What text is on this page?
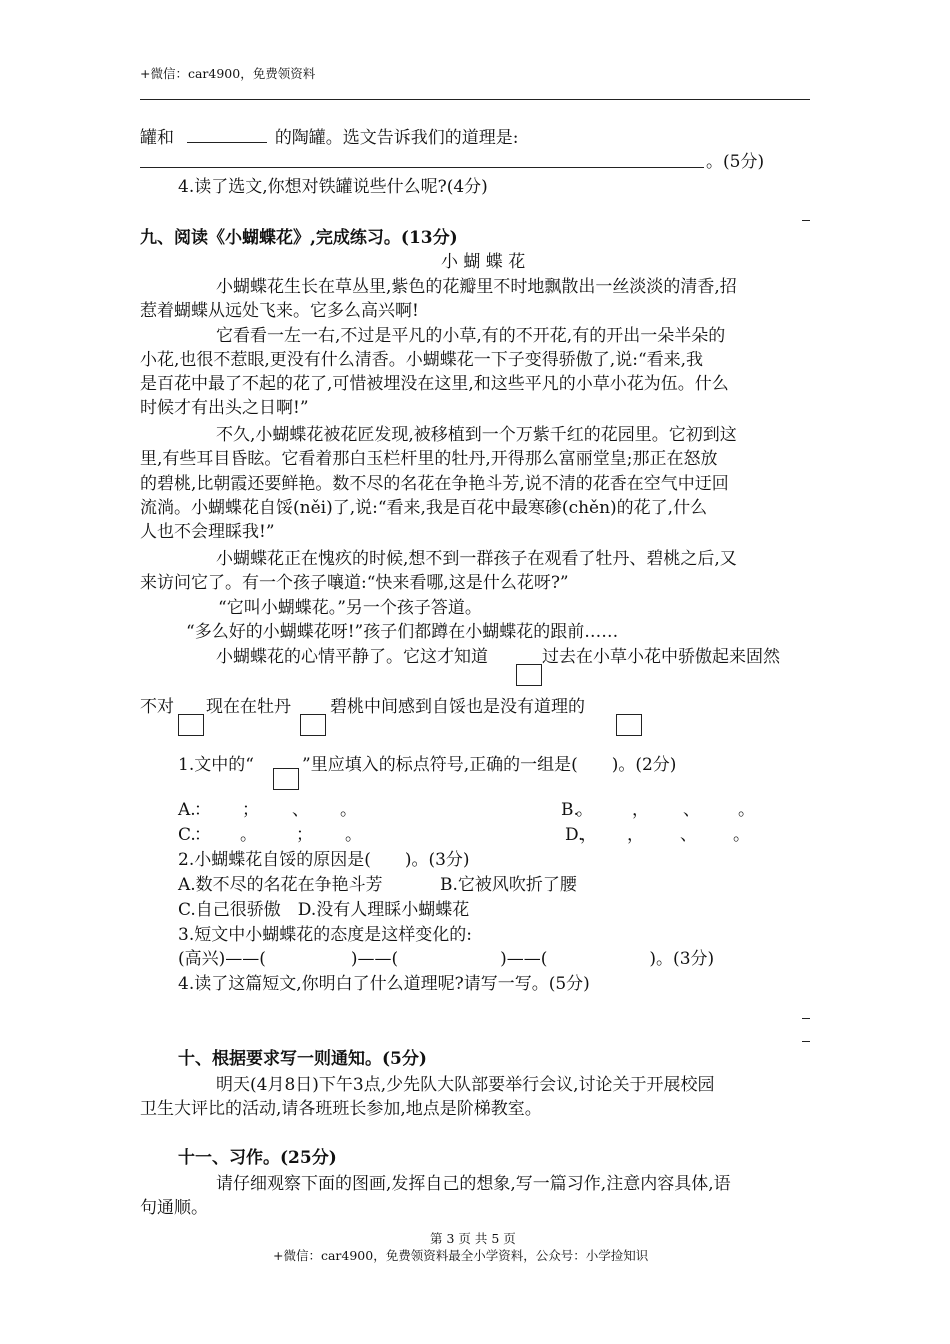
+微信：car4900，免费领资料
罐和	的陶罐。选文告诉我们的道理是:
。(5分)
4.读了选文,你想对铁罐说些什么呢?(4分)
九、阅读《小蝴蝶花》,完成练习。(13分)
小 蝴 蝶 花
小蝴蝶花生长在草丛里,紫色的花瓣里不时地飘散出一丝淡淡的清香,招
惹着蝴蝶从远处飞来。它多么高兴啊!
它看看一左一右,不过是平凡的小草,有的不开花,有的开出一朵半朵的
小花,也很不惹眼,更没有什么清香。小蝴蝶花一下子变得骄傲了,说:“看来,我
是百花中最了不起的花了,可惜被埋没在这里,和这些平凡的小草小花为伍。什么
时候才有出头之日啊!”
不久,小蝴蝶花被花匠发现,被移植到一个万紫千红的花园里。它初到这
里,有些耳目昏眩。它看着那白玉栏杆里的牡丹,开得那么富丽堂皇;那正在怒放
的碧桃,比朝霞还要鲜艳。数不尽的名花在争艳斗芳,说不清的花香在空气中迂回
流淌。小蝴蝶花自馁(něi)了,说:“看来,我是百花中最寒碜(chěn)的花了,什么
人也不会理睬我!”
小蝴蝶花正在愧疚的时候,想不到一群孩子在观看了牡丹、碧桃之后,又
来访问它了。有一个孩子嚷道:“快来看哪,这是什么花呀?”
“它叫小蝴蝶花。”另一个孩子答道。
“多么好的小蝴蝶花呀!”孩子们都蹲在小蝴蝶花的跟前……
小蝴蝶花的心情平静了。它这才知道	过去在小草小花中骄傲起来固然
不对 现在在牡丹 碧桃中间感到自馁也是没有道理的
1.文中的“	”里应填入的标点符号,正确的一组是(　　)。(2分)
A.
： ； 、 。	B.
。 ， 、 。
C.
： 。 ； 。	D.
， ， 、 。
2.小蝴蝶花自馁的原因是(　　)。(3分)
A.数不尽的名花在争艳斗芳	B.它被风吹折了腰
C.自己很骄傲　D.没有人理睬小蝴蝶花
3.短文中小蝴蝶花的态度是这样变化的:
(高兴)——(　　　　　)——(　　　　　　)——(　　　　　　)。(3分)
4.读了这篇短文,你明白了什么道理呢?请写一写。(5分)
十、根据要求写一则通知。(5分)
明天(4月8日)下午3点,少先队大队部要举行会议,讨论关于开展校园
卫生大评比的活动,请各班班长参加,地点是阶梯教室。
十一、习作。(25分)
请仔细观察下面的图画,发挥自己的想象,写一篇习作,注意内容具体,语
句通顺。
第 3 页 共 5 页
+微信：car4900，免费领资料最全小学资料，公众号：小学捡知识
